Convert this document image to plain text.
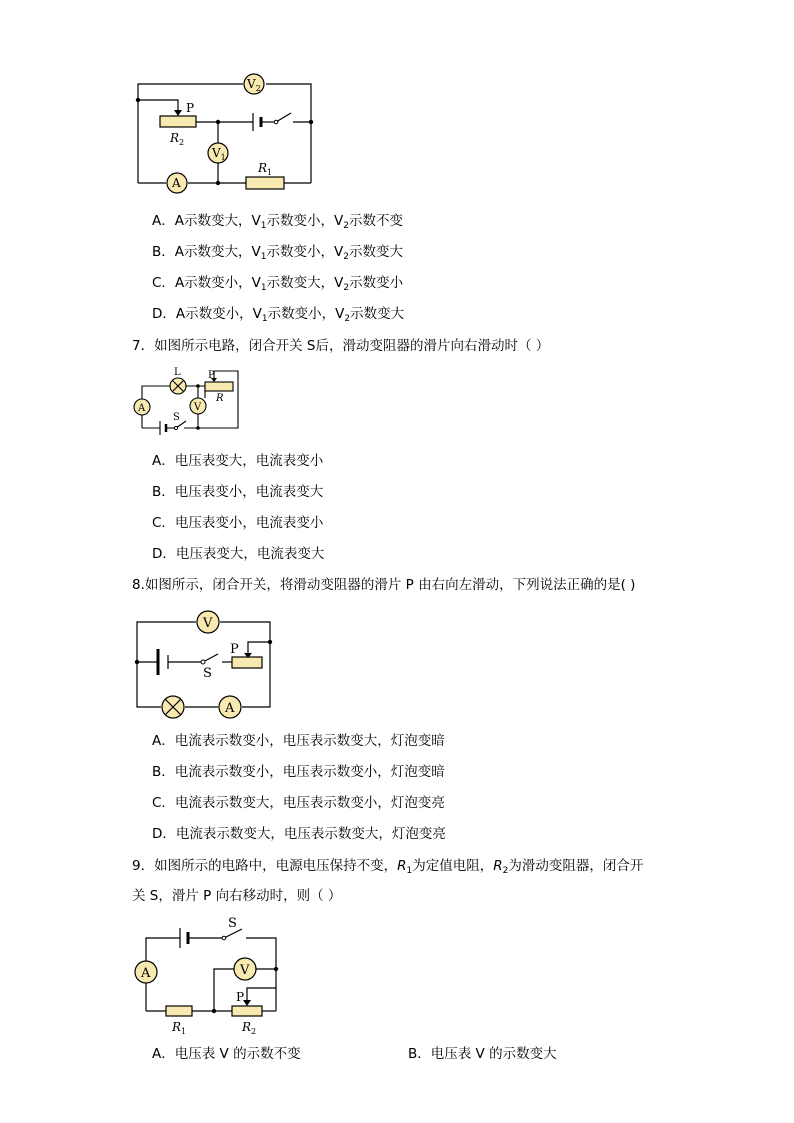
$V_2$
$V_1$
A
P
$R_2$
$R_1$
A．A示数变大，$V_1$示数变小，$V_2$示数不变
B．A示数变大，$V_1$示数变小，$V_2$示数变大
C．A示数变小，$V_1$示数变大，$V_2$示数变小
D．A示数变小，$V_1$示数变小，$V_2$示数变大
7．如图所示电路，闭合开关 S后，滑动变阻器的滑片向右滑动时（ ）
A	V
L	P
R
S
A．电压表变大，电流表变小
B．电压表变小，电流表变大
C．电压表变小，电流表变小
D．电压表变大，电流表变大
8.如图所示，闭合开关，将滑动变阻器的滑片 P 由右向左滑动，下列说法正确的是( )
V
A
P
S
A．电流表示数变小，电压表示数变大，灯泡变暗
B．电流表示数变小，电压表示数变小，灯泡变暗
C．电流表示数变大，电压表示数变小，灯泡变亮
D．电流表示数变大，电压表示数变大，灯泡变亮
9．如图所示的电路中，电源电压保持不变，$R_1$为定值电阻，$R_2$为滑动变阻器，闭合开
关 S，滑片 P 向右移动时，则（ ）
A	V
S
P
$R_1$	$R_2$
A．电压表 V 的示数不变	B．电压表 V 的示数变大
